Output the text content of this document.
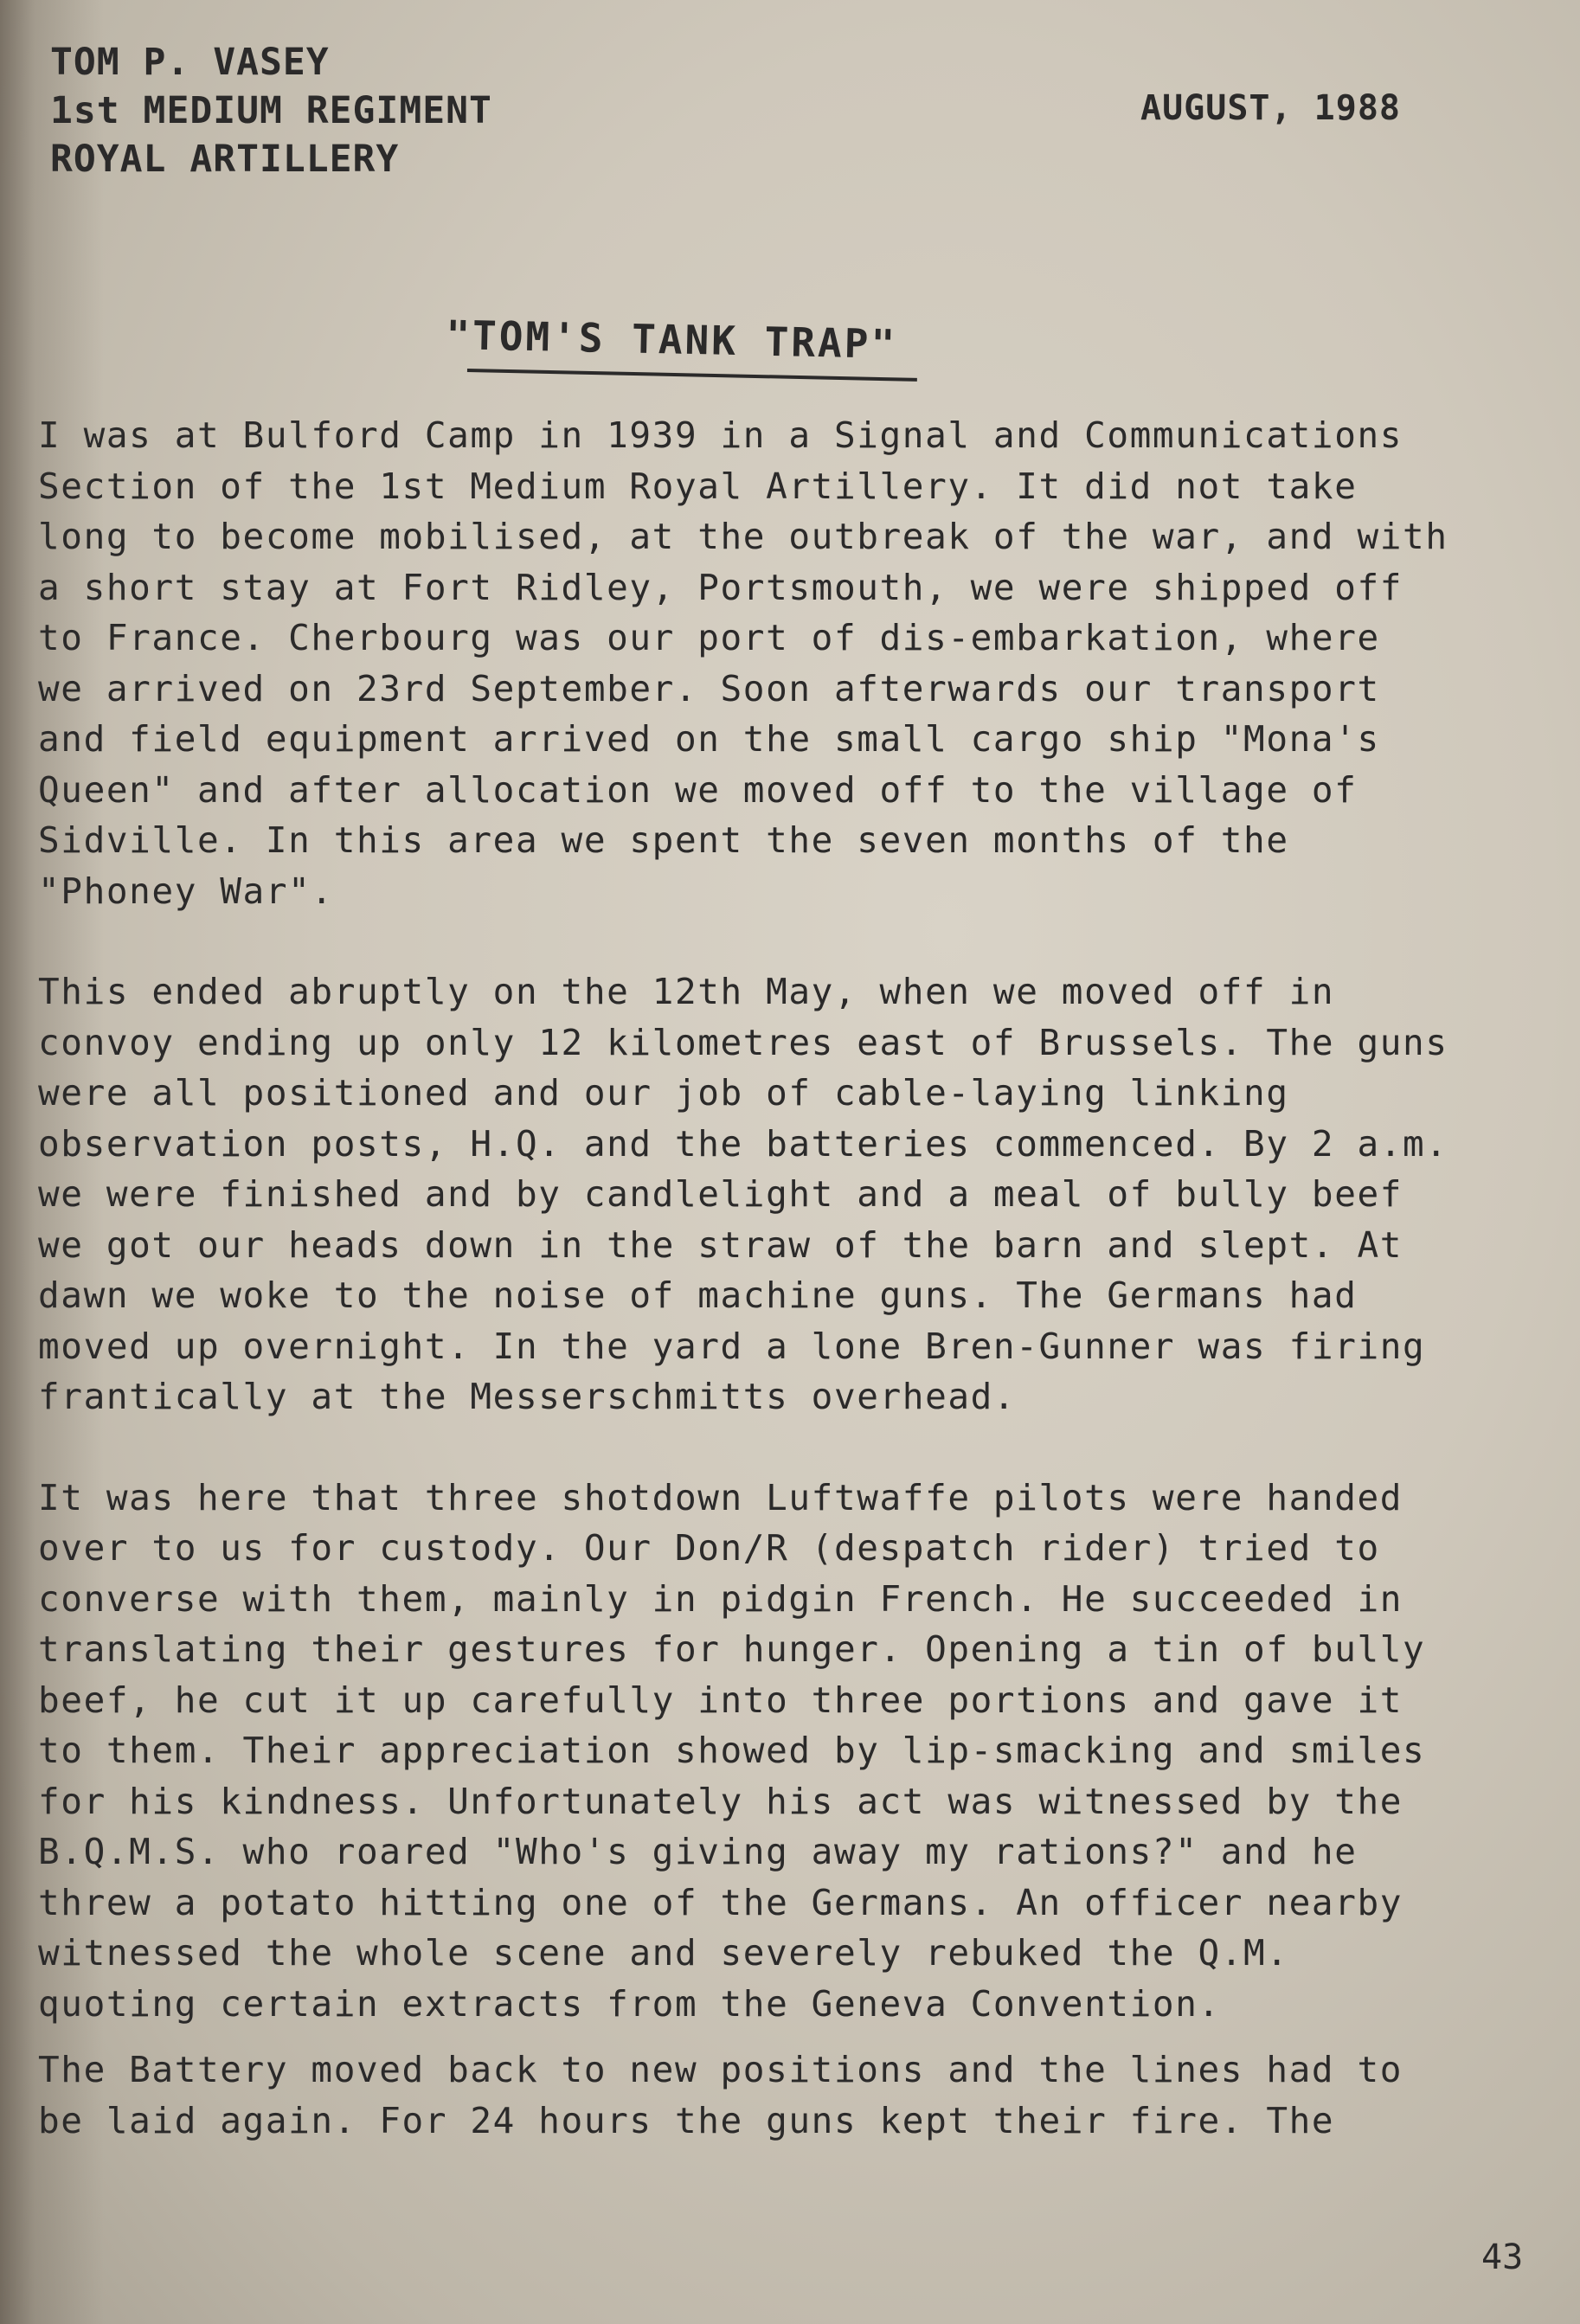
TOM P. VASEY
1st MEDIUM REGIMENT
ROYAL ARTILLERY
AUGUST, 1988
"TOM'S TANK TRAP"
I was at Bulford Camp in 1939 in a Signal and Communications
Section of the 1st Medium Royal Artillery. It did not take
long to become mobilised, at the outbreak of the war, and with
a short stay at Fort Ridley, Portsmouth, we were shipped off
to France. Cherbourg was our port of dis-embarkation, where
we arrived on 23rd September. Soon afterwards our transport
and field equipment arrived on the small cargo ship "Mona's
Queen" and after allocation we moved off to the village of
Sidville. In this area we spent the seven months of the
"Phoney War".
This ended abruptly on the 12th May, when we moved off in
convoy ending up only 12 kilometres east of Brussels. The guns
were all positioned and our job of cable-laying linking
observation posts, H.Q. and the batteries commenced. By 2 a.m.
we were finished and by candlelight and a meal of bully beef
we got our heads down in the straw of the barn and slept. At
dawn we woke to the noise of machine guns. The Germans had
moved up overnight. In the yard a lone Bren-Gunner was firing
frantically at the Messerschmitts overhead.
It was here that three shotdown Luftwaffe pilots were handed
over to us for custody. Our Don/R (despatch rider) tried to
converse with them, mainly in pidgin French. He succeeded in
translating their gestures for hunger. Opening a tin of bully
beef, he cut it up carefully into three portions and gave it
to them. Their appreciation showed by lip-smacking and smiles
for his kindness. Unfortunately his act was witnessed by the
B.Q.M.S. who roared "Who's giving away my rations?" and he
threw a potato hitting one of the Germans. An officer nearby
witnessed the whole scene and severely rebuked the Q.M.
quoting certain extracts from the Geneva Convention.
The Battery moved back to new positions and the lines had to
be laid again. For 24 hours the guns kept their fire. The
43
